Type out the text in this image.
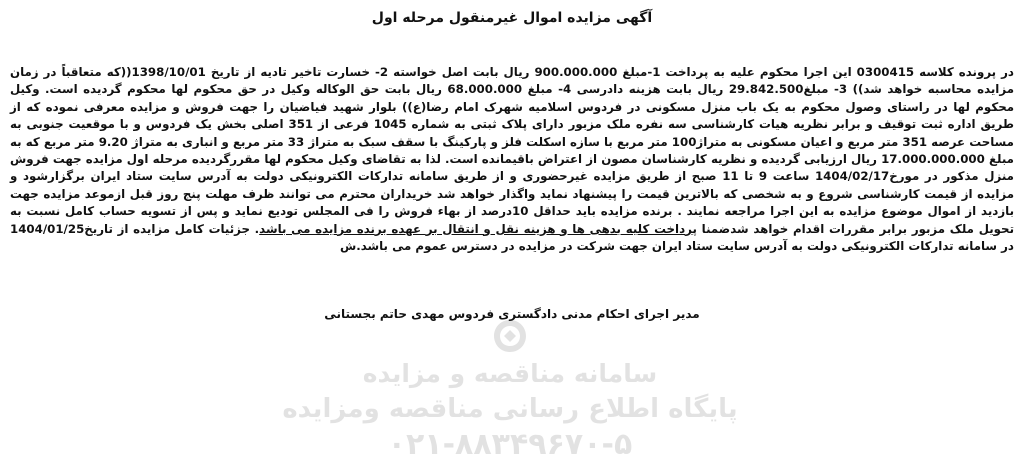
آگهی مزایده اموال غیرمنقول مرحله اول
سامانه مناقصه و مزایده
پایگاه اطلاع رسانی مناقصه ومزایده
۰۲۱-۸۸۳۴۹۶۷۰-۵
در پرونده کلاسه 0300415 این اجرا محکوم علیه به پرداخت 1-مبلغ 900.000.000 ریال بابت اصل خواسته 2- خسارت تاخیر تادیه از تاریخ 1398/10/01((که متعاقباً در زمان مزایده محاسبه خواهد شد)) 3- مبلغ29.842.500 ریال بابت هزینه دادرسی 4- مبلغ 68.000.000 ریال بابت حق الوکاله وکیل در حق محکوم لها محکوم گردیده است. وکیل محکوم لها در راستای وصول محکوم به یک باب منزل مسکونی در فردوس اسلامیه شهرک امام رضا(ع)) بلوار شهید فیاضیان را جهت فروش و مزایده معرفی نموده که از طریق اداره ثبت توقیف و برابر نظریه هیات کارشناسی سه نفره ملک مزبور دارای پلاک ثبتی به شماره 1045 فرعی از 351 اصلی بخش یک فردوس و با موقعیت جنوبی به مساحت عرصه 351 متر مربع و اعیان مسکونی به متراژ100 متر مربع با سازه اسکلت فلز و پارکینگ با سقف سبک به متراژ 33 متر مربع و انباری به متراژ 9.20 متر مربع که به مبلغ 17.000.000.000 ریال ارزیابی گردیده و نظریه کارشناسان مصون از اعتراض باقیمانده است. لذا به تقاضای وکیل محکوم لها مقررگردیده مرحله اول مزایده جهت فروش منزل مذکور در مورخ1404/02/17 ساعت 9 تا 11 صبح از طریق مزایده غیرحضوری و از طریق سامانه تدارکات الکترونیکی دولت به آدرس سایت ستاد ایران برگزارشود و مزایده از قیمت کارشناسی شروع و به شخصی که بالاترین قیمت را پیشنهاد نماید واگذار خواهد شد خریداران محترم می توانند ظرف مهلت پنج روز قبل ازموعد مزایده جهت بازدید از اموال موضوع مزایده به این اجرا مراجعه نمایند . برنده مزایده باید حداقل 10درصد از بهاء فروش را فی المجلس تودیع نماید و پس از تسویه حساب کامل نسبت به تحویل ملک مزبور برابر مقررات اقدام خواهد شدضمنا پرداخت کلیه بدهی ها و هزینه نقل و انتقال بر عهده برنده مزایده می باشد. جزئیات کامل مزایده از تاریخ1404/01/25 در سامانه تدارکات الکترونیکی دولت به آدرس سایت ستاد ایران جهت شرکت در مزایده در دسترس عموم می باشد.ش
مدیر اجرای احکام مدنی دادگستری فردوس مهدی حاتم بجستانی
